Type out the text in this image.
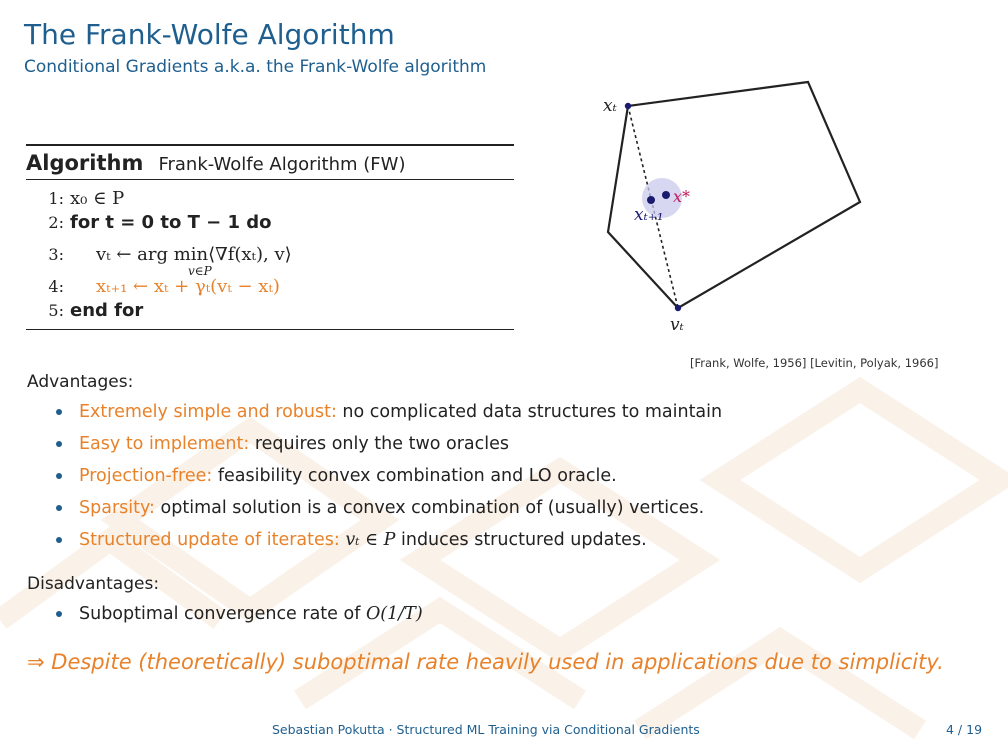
The Frank-Wolfe Algorithm
Conditional Gradients a.k.a. the Frank-Wolfe algorithm
Algorithm Frank-Wolfe Algorithm (FW)
1: x₀ ∈ P
2: for t = 0 to T − 1 do
3:	vₜ ← arg min⟨∇f(xₜ), v⟩
v∈P
4:	xₜ₊₁ ← xₜ + γₜ(vₜ − xₜ)
5: end for
xₜ
xₜ₊₁
x*
vₜ
[Frank, Wolfe, 1956] [Levitin, Polyak, 1966]
Advantages:
Extremely simple and robust: no complicated data structures to maintain
Easy to implement: requires only the two oracles
Projection-free: feasibility convex combination and LO oracle.
Sparsity: optimal solution is a convex combination of (usually) vertices.
Structured update of iterates: vₜ ∈ P induces structured updates.
Disadvantages:
Suboptimal convergence rate of O(1/T)
⇒ Despite (theoretically) suboptimal rate heavily used in applications due to simplicity.
Sebastian Pokutta · Structured ML Training via Conditional Gradients	4 / 19
